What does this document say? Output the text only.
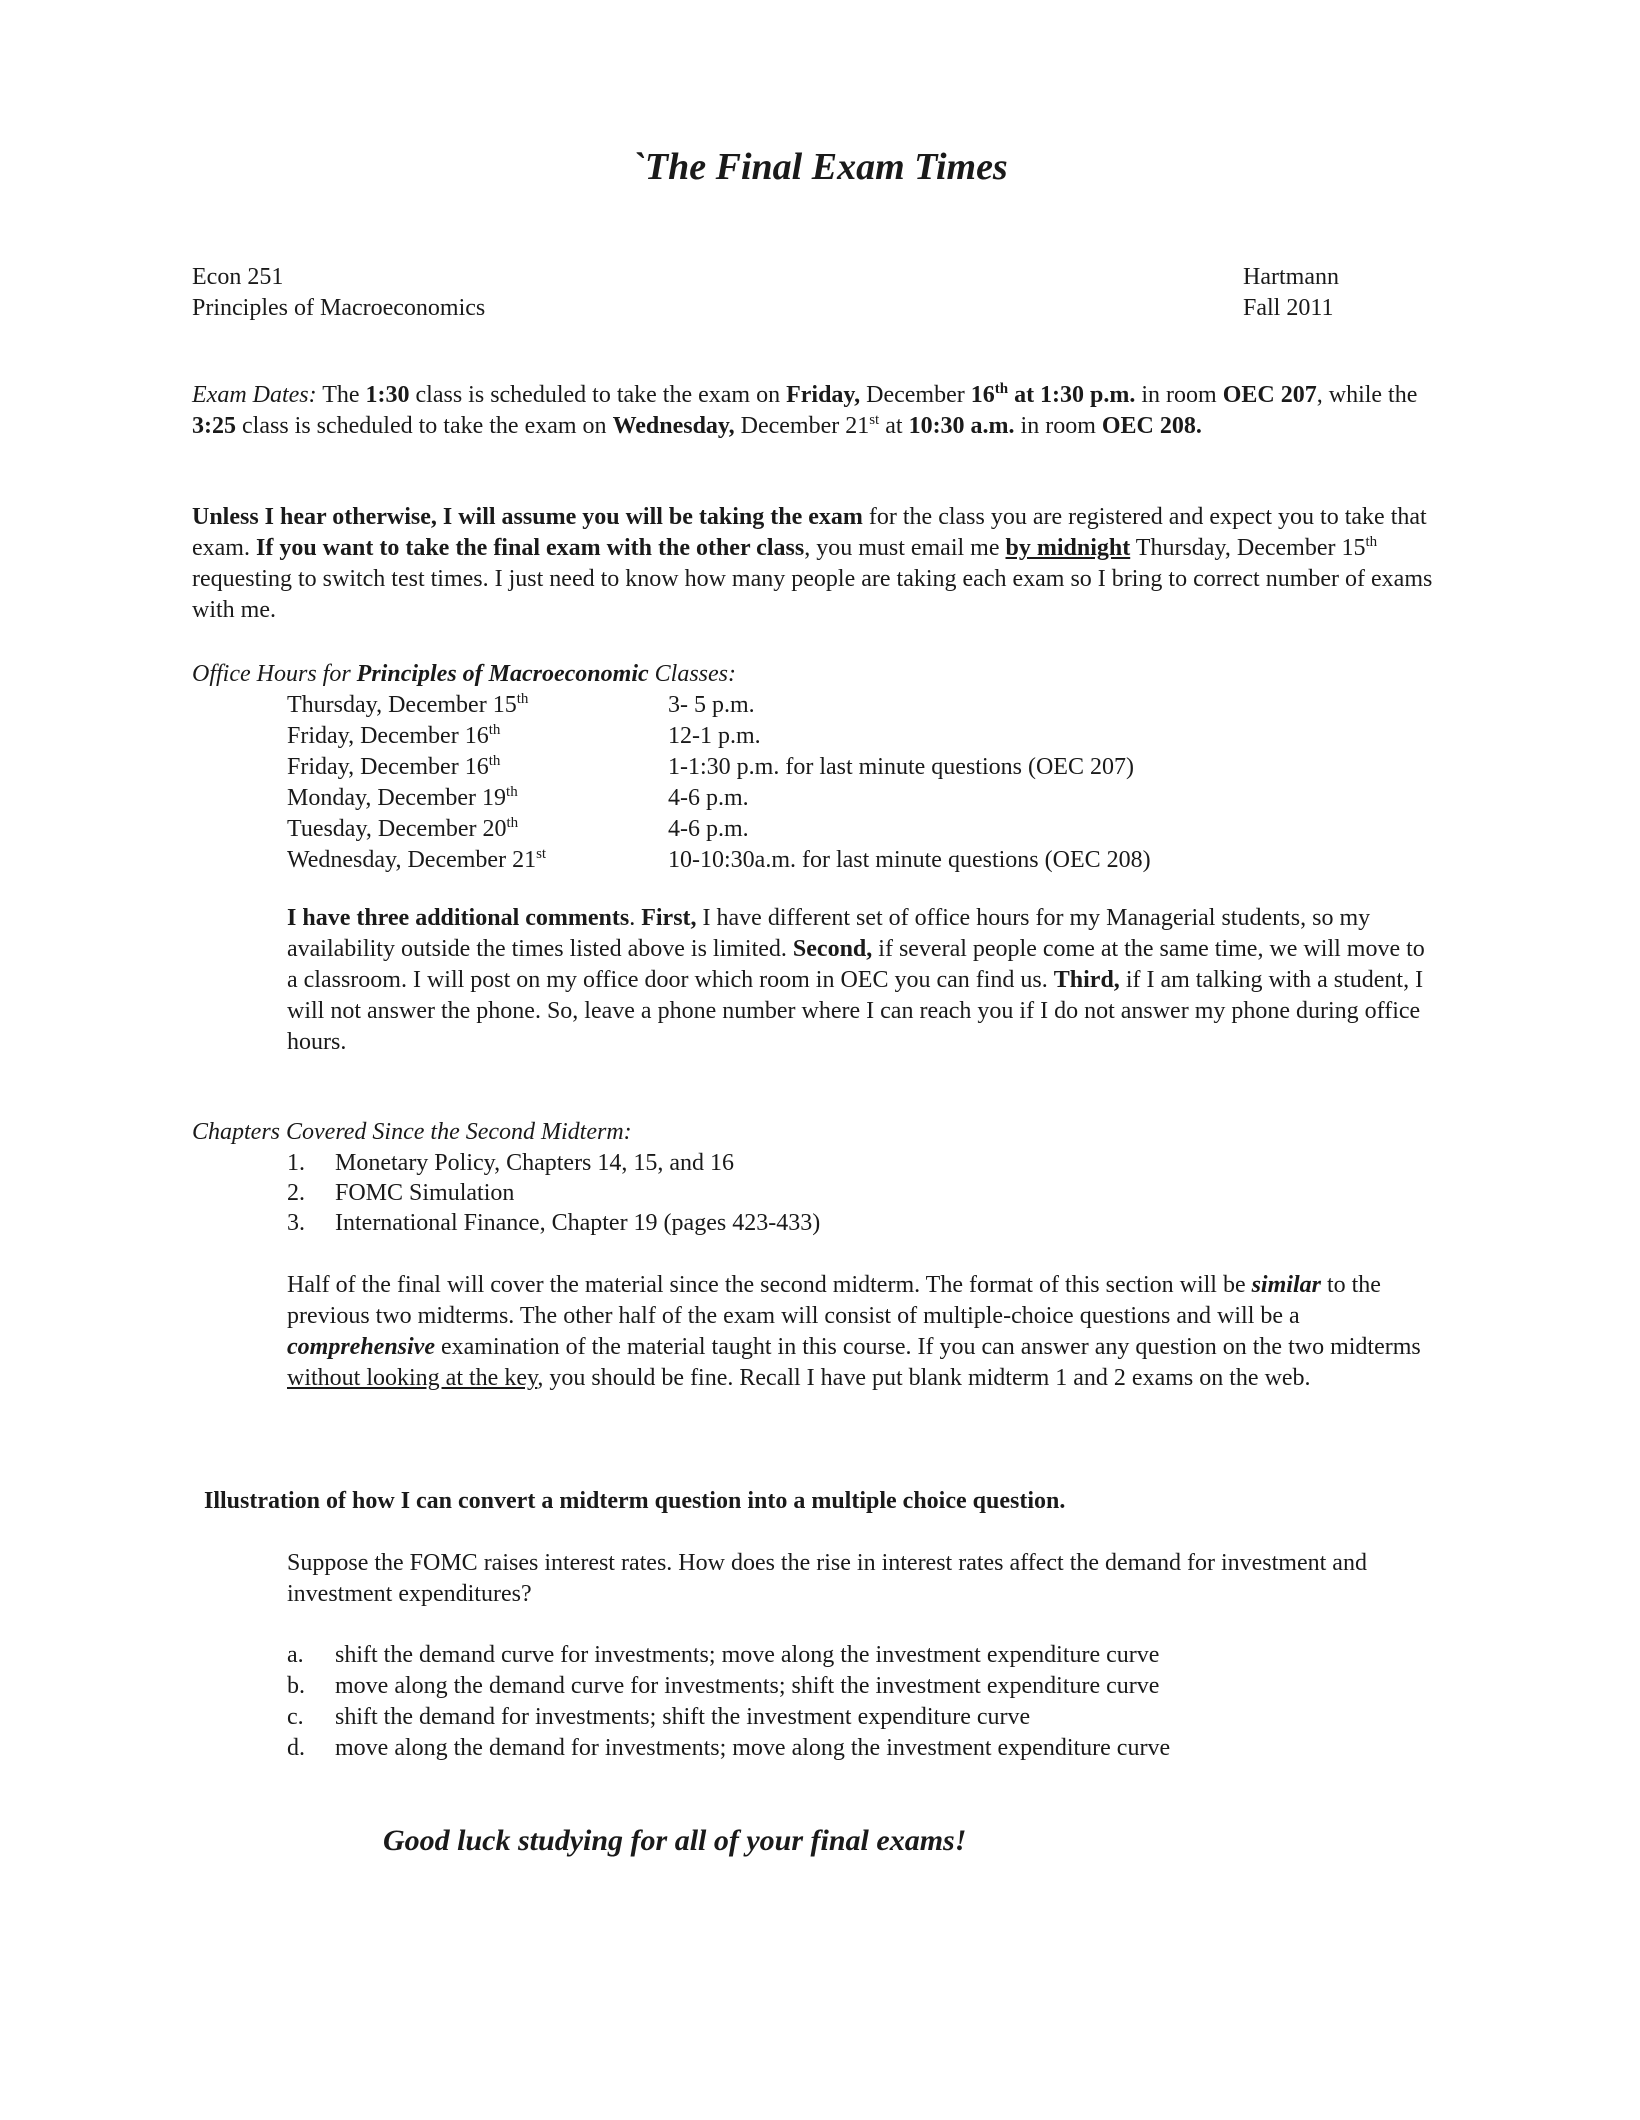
`The Final Exam Times
Econ 251
Principles of Macroeconomics
Hartmann
Fall 2011
Exam Dates: The 1:30 class is scheduled to take the exam on Friday, December 16th at 1:30 p.m. in room OEC 207, while the 3:25 class is scheduled to take the exam on Wednesday, December 21st at 10:30 a.m. in room OEC 208.
Unless I hear otherwise, I will assume you will be taking the exam for the class you are registered and expect you to take that exam. If you want to take the final exam with the other class, you must email me by midnight Thursday, December 15th requesting to switch test times. I just need to know how many people are taking each exam so I bring to correct number of exams with me.
Office Hours for Principles of Macroeconomic Classes:
Thursday, December 15th	3- 5 p.m.
Friday, December 16th	12-1 p.m.
Friday, December 16th	1-1:30 p.m. for last minute questions (OEC 207)
Monday, December 19th	4-6 p.m.
Tuesday, December 20th	4-6 p.m.
Wednesday, December 21st	10-10:30a.m. for last minute questions (OEC 208)
I have three additional comments. First, I have different set of office hours for my Managerial students, so my availability outside the times listed above is limited. Second, if several people come at the same time, we will move to a classroom. I will post on my office door which room in OEC you can find us. Third, if I am talking with a student, I will not answer the phone. So, leave a phone number where I can reach you if I do not answer my phone during office hours.
Chapters Covered Since the Second Midterm:
1.	Monetary Policy, Chapters 14, 15, and 16
2.	FOMC Simulation
3.	International Finance, Chapter 19 (pages 423-433)
Half of the final will cover the material since the second midterm. The format of this section will be similar to the previous two midterms. The other half of the exam will consist of multiple-choice questions and will be a comprehensive examination of the material taught in this course. If you can answer any question on the two midterms without looking at the key, you should be fine. Recall I have put blank midterm 1 and 2 exams on the web.
Illustration of how I can convert a midterm question into a multiple choice question.
Suppose the FOMC raises interest rates. How does the rise in interest rates affect the demand for investment and investment expenditures?
a.	shift the demand curve for investments; move along the investment expenditure curve
b.	move along the demand curve for investments; shift the investment expenditure curve
c.	shift the demand for investments; shift the investment expenditure curve
d.	move along the demand for investments; move along the investment expenditure curve
Good luck studying for all of your final exams!
